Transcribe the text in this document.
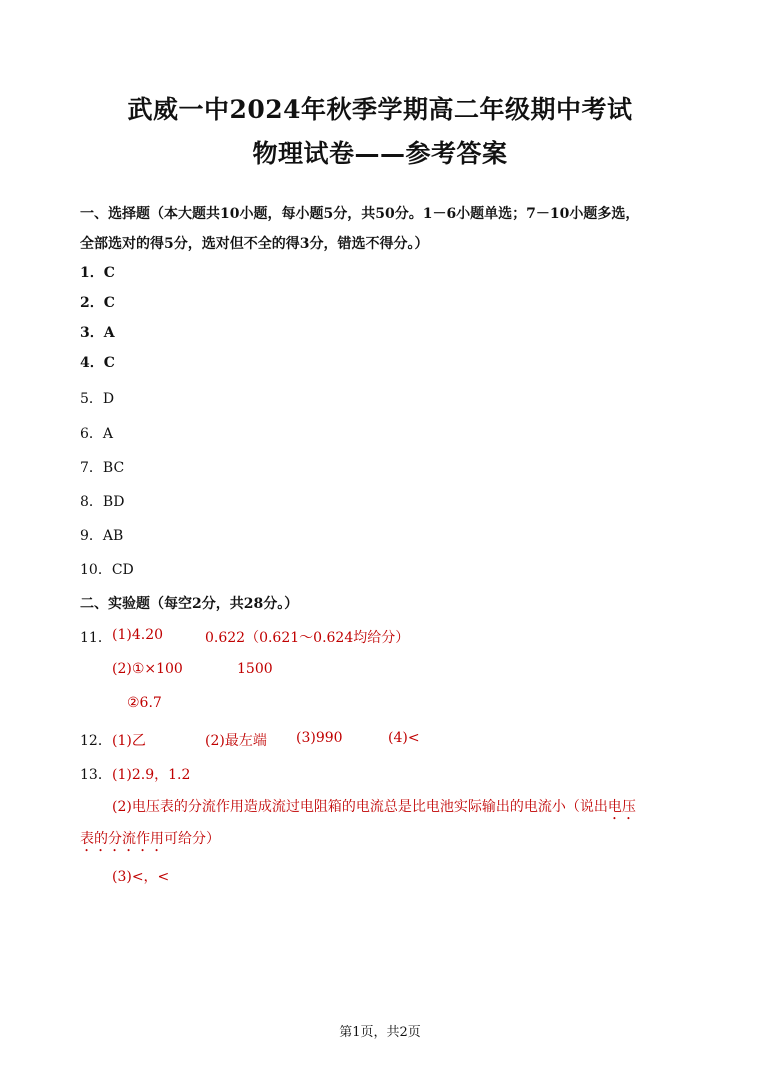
武威一中2024年秋季学期高二年级期中考试
物理试卷——参考答案
一、选择题（本大题共10小题，每小题5分，共50分。1－6小题单选；7－10小题多选，
全部选对的得5分，选对但不全的得3分，错选不得分。）
1．C
2．C
3．A
4．C
5．D
6．A
7．BC
8．BD
9．AB
10．CD
二、实验题（每空2分，共28分。）
11． (1)4.20	0.622（0.621～0.624均给分）
(2)①×100	1500
②6.7
12． (1)乙	(2)最左端 (3)990	(4)<
13． (1)2.9，1.2
(2)电压表的分流作用造成流过电阻箱的电流总是比电池实际输出的电流小（说出电压
表的分流作用可给分）
(3)<，<
第1页，共2页
